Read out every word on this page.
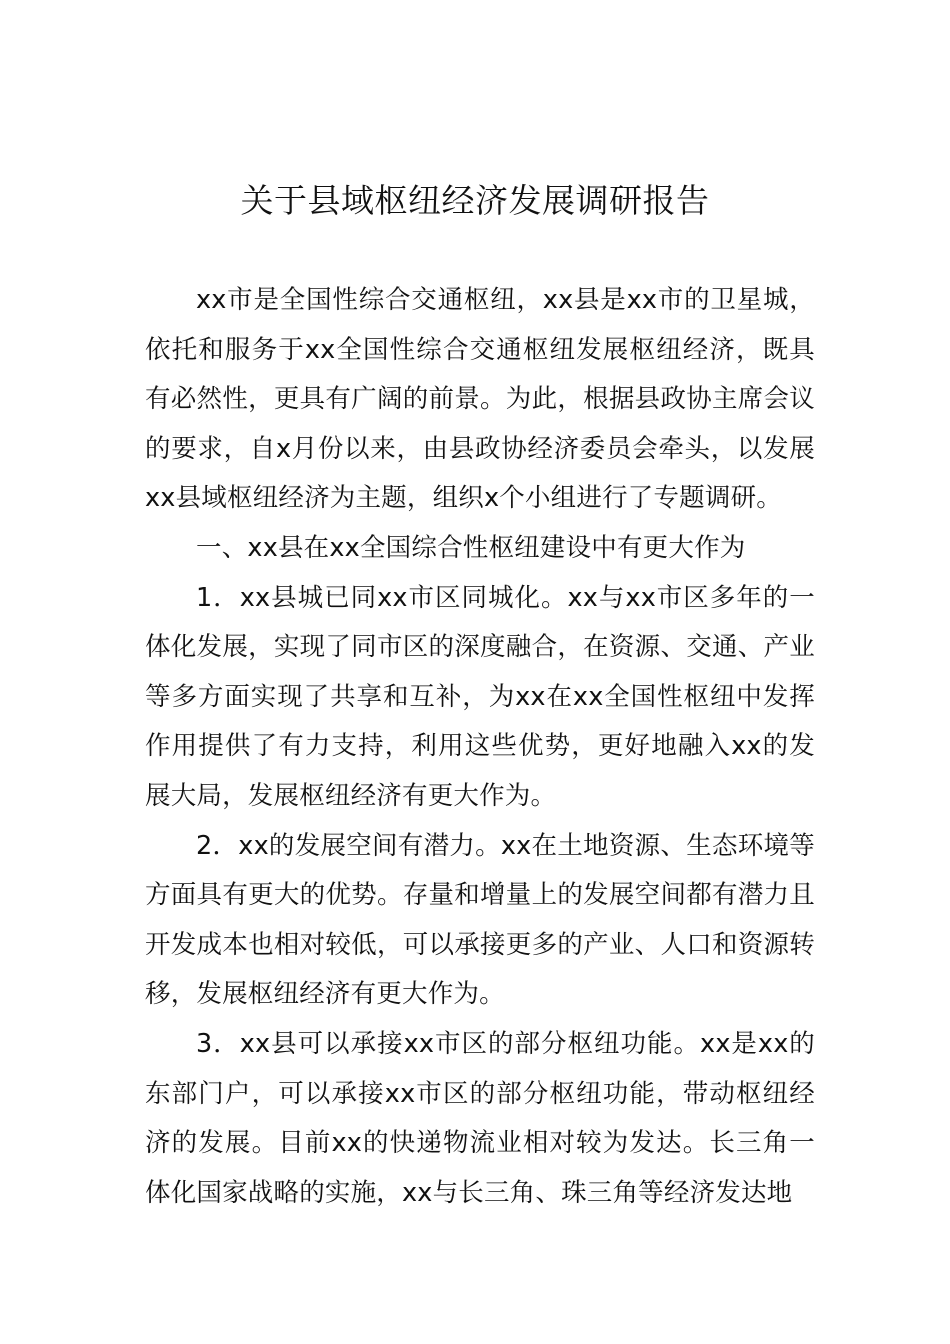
关于县域枢纽经济发展调研报告

xx市是全国性综合交通枢纽，xx县是xx市的卫星城，依托和服务于xx全国性综合交通枢纽发展枢纽经济，既具有必然性，更具有广阔的前景。为此，根据县政协主席会议的要求，自x月份以来，由县政协经济委员会牵头，以发展xx县域枢纽经济为主题，组织x个小组进行了专题调研。

一、xx县在xx全国综合性枢纽建设中有更大作为

1．xx县城已同xx市区同城化。xx与xx市区多年的一体化发展，实现了同市区的深度融合，在资源、交通、产业等多方面实现了共享和互补，为xx在xx全国性枢纽中发挥作用提供了有力支持，利用这些优势，更好地融入xx的发展大局，发展枢纽经济有更大作为。

2．xx的发展空间有潜力。xx在土地资源、生态环境等方面具有更大的优势。存量和增量上的发展空间都有潜力且开发成本也相对较低，可以承接更多的产业、人口和资源转移，发展枢纽经济有更大作为。

3．xx县可以承接xx市区的部分枢纽功能。xx是xx的东部门户，可以承接xx市区的部分枢纽功能，带动枢纽经济的发展。目前xx的快递物流业相对较为发达。长三角一体化国家战略的实施，xx与长三角、珠三角等经济发达地
